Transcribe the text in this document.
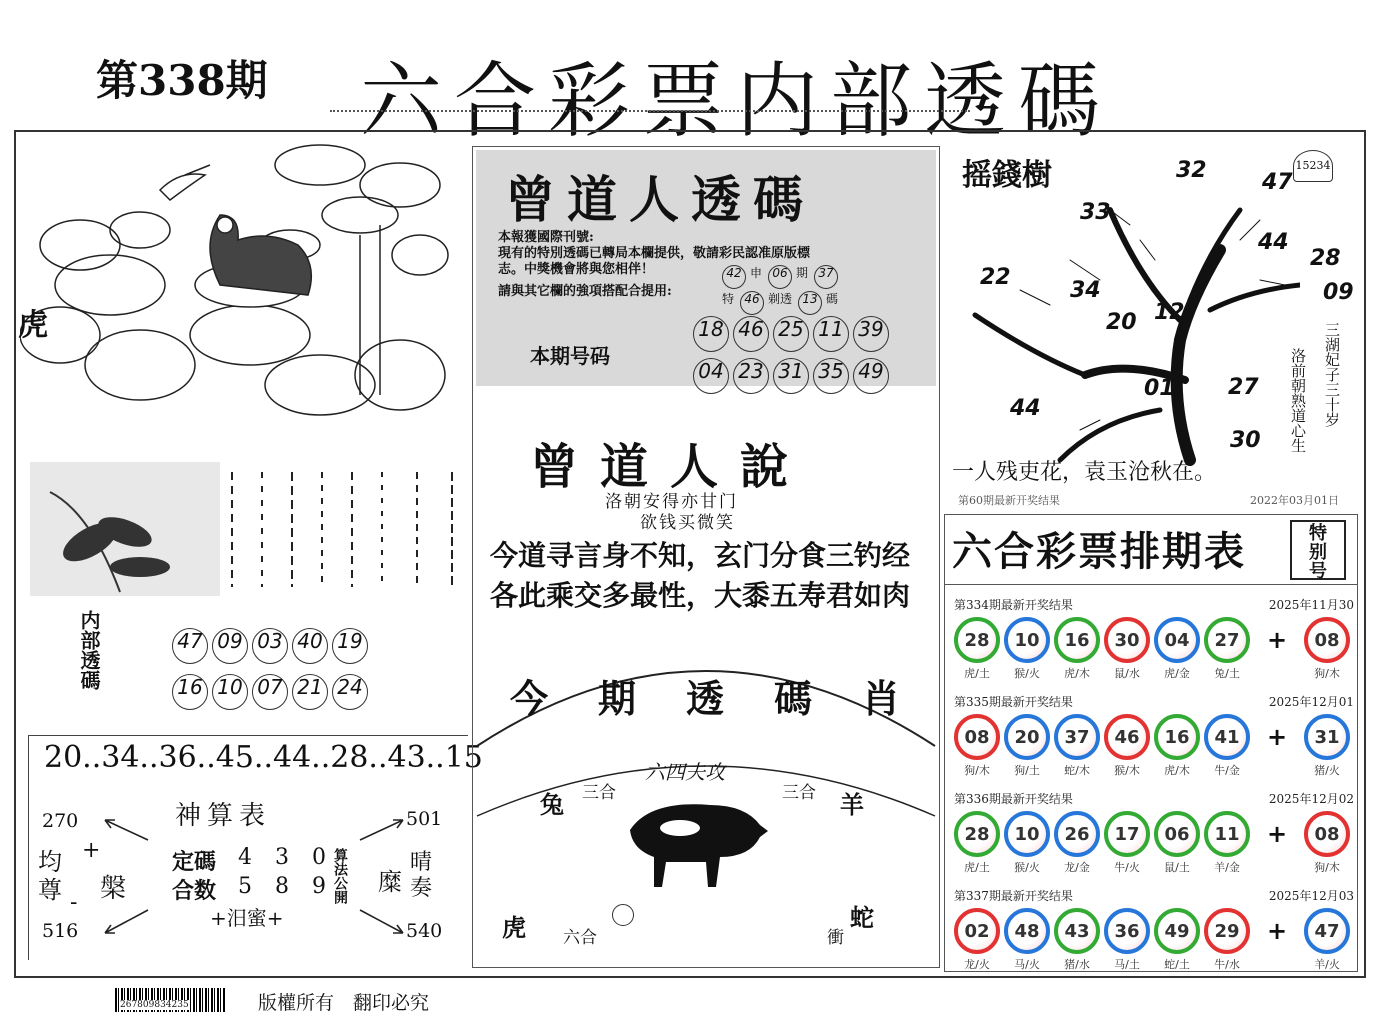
第338期 六合彩票内部透碼
虎
内部透碼	47 09 03 40 19
16 10 07 21 24
20..34..36..45..44..28..43..15
神算表
270
516
501
540
均尊
+
- 槃
定碼 4 3 0
合数 5 8 9
算法公開
+汨蜜+
糜
晴奏
曾道人透碼
本報獲國際刊號:
現有的特別透碼已轉局本欄提供，敬請彩民認准原版標
志。中獎機會將與您相伴！
請與其它欄的強項搭配合提用:
42 申 06 期 37
特 46 剃透 13 碼
本期号码
18 46 25 11 39
04 23 31 35 49
曾道人說
洛朝安得亦甘门
欲钱买微笑
今道寻言身不知，玄门分食三钓经
各此乘交多最性，大黍五寿君如肉
今期透碼肖
六四夫攻
兔 三合	三合 羊
虎 六合	衝
蛇
摇錢樹	15234
32	47
33
44
28
22
34	09
20 12
01 27
44
30
三湖妃子三十岁
洛前朝熟道心生
一人残吏花，袁玉沧秋在。
第60期最新开奖结果	2022年03月01日
六合彩票排期表	特别号
第334期最新开奖结果	2025年11月30
28	10	16	30	04	27	+	08
虎/土	猴/火	虎/木	鼠/水	虎/金	兔/土	狗/木
第335期最新开奖结果	2025年12月01
08	20	37	46	16	41	+	31
狗/木	狗/土	蛇/木	猴/木	虎/木	牛/金	猪/火
第336期最新开奖结果	2025年12月02
28	10	26	17	06	11	+	08
虎/土	猴/火	龙/金	牛/火	鼠/土	羊/金	狗/木
第337期最新开奖结果	2025年12月03
02	48	43	36	49	29	+	47
龙/火	马/火	猪/水	马/土	蛇/土	牛/水	羊/火
267809834235	版權所有　翻印必究
